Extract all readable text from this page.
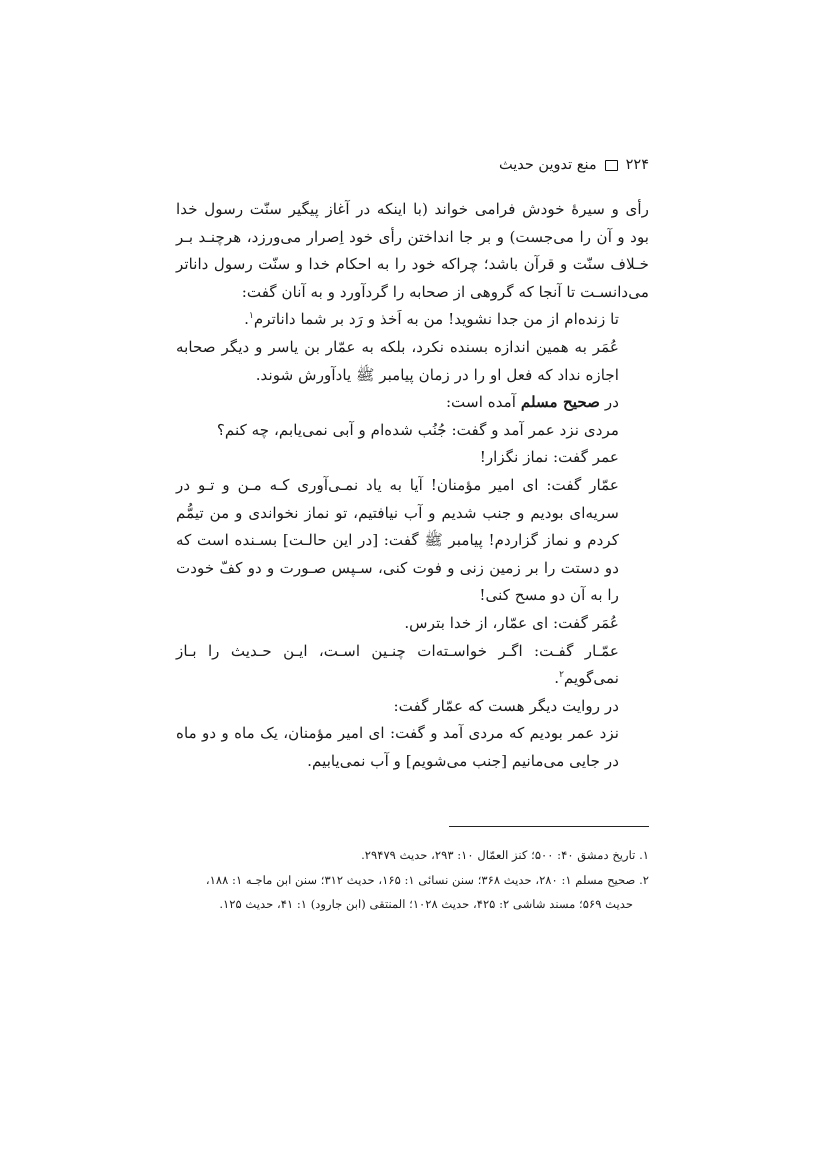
۲۲۴
منع تدوین حدیث

رأی و سیرهٔ خودش فرامی خواند (با اینکه در آغاز پیگیر سنّت رسول خدا بود و آن را می‌جست) و بر جا انداختن رأی خود اِصرار می‌ورزد، هرچنـد بـر خـلاف سنّت و قرآن باشد؛ چراکه خود را به احکام خدا و سنّت رسول داناتر می‌دانسـت تا آنجا که گروهی از صحابه را گردآورد و به آنان گفت:

تا زنده‌ام از من جدا نشوید! من به اَخذ و رَد بر شما داناترم$^۱$.

عُمَر به همین اندازه بسنده نکرد، بلکه به عمّار بن یاسر و دیگر صحابه اجازه نداد که فعل او را در زمان پیامبر ﷺ یادآورش شوند.

در صحیح مسلم آمده است:

مردی نزد عمر آمد و گفت: جُنُب شده‌ام و آبی نمی‌یابم، چه کنم؟

عمر گفت: نماز نگزار!

عمّار گفت: ای امیر مؤمنان! آیا به یاد نمـی‌آوری کـه مـن و تـو در سریه‌ای بودیم و جنب شدیم و آب نیافتیم، تو نماز نخواندی و من تیمُّم کردم و نماز گزاردم! پیامبر ﷺ گفت: [در این حالـت] بسـنده است که دو دستت را بر زمین زنی و فوت کنی، سـپس صـورت و دو کفّ خودت را به آن دو مسح کنی!

عُمَر گفت: ای عمّار، از خدا بترس.

عمّـار گفـت: اگـر خواسـته‌ات چنـین اسـت، ایـن حـدیث را بـاز نمی‌گویم$^۲$.

در روایت دیگر هست که عمّار گفت:

نزد عمر بودیم که مردی آمد و گفت: ای امیر مؤمنان، یک ماه و دو ماه در جایی می‌مانیم [جنب می‌شویم] و آب نمی‌یابیم.

۱. تاریخ دمشق ۴۰: ۵۰۰؛ کنز العمّال ۱۰: ۲۹۳، حدیث ۲۹۴۷۹.

۲. صحیح مسلم ۱: ۲۸۰، حدیث ۳۶۸؛ سنن نسائی ۱: ۱۶۵، حدیث ۳۱۲؛ سنن ابن ماجـه ۱: ۱۸۸،

حدیث ۵۶۹؛ مسند شاشی ۲: ۴۲۵، حدیث ۱۰۲۸؛ المنتقی (ابن جارود) ۱: ۴۱، حدیث ۱۲۵.
